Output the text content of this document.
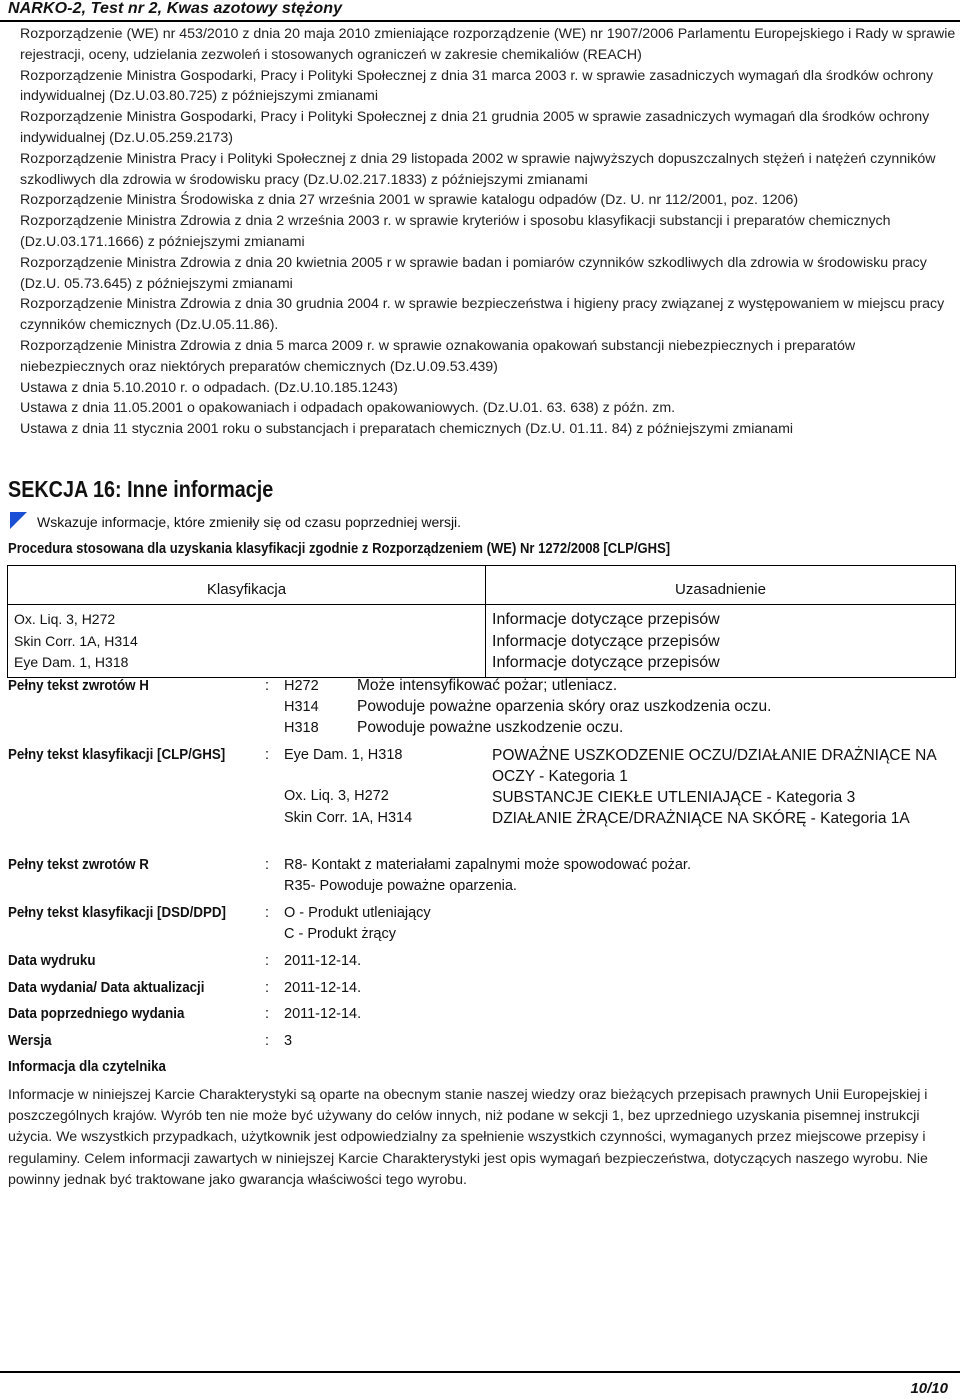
NARKO-2, Test nr 2, Kwas azotowy stężony

Rozporządzenie (WE) nr 453/2010 z dnia 20 maja 2010 zmieniające rozporządzenie (WE) nr 1907/2006 Parlamentu Europejskiego i Rady w sprawie rejestracji, oceny, udzielania zezwoleń i stosowanych ograniczeń w zakresie chemikaliów (REACH)

Rozporządzenie Ministra Gospodarki, Pracy i Polityki Społecznej z dnia 31 marca 2003 r. w sprawie zasadniczych wymagań dla środków ochrony indywidualnej (Dz.U.03.80.725) z późniejszymi zmianami

Rozporządzenie Ministra Gospodarki, Pracy i Polityki Społecznej z dnia 21 grudnia 2005 w sprawie zasadniczych wymagań dla środków ochrony indywidualnej (Dz.U.05.259.2173)

Rozporządzenie Ministra Pracy i Polityki Społecznej z dnia 29 listopada 2002 w sprawie najwyższych dopuszczalnych stężeń i natężeń czynników szkodliwych dla zdrowia w środowisku pracy (Dz.U.02.217.1833) z późniejszymi zmianami

Rozporządzenie Ministra Środowiska z dnia 27 września 2001 w sprawie katalogu odpadów (Dz. U. nr 112/2001, poz. 1206)

Rozporządzenie Ministra Zdrowia z dnia 2 września 2003 r. w sprawie kryteriów i sposobu klasyfikacji substancji i preparatów chemicznych (Dz.U.03.171.1666) z późniejszymi zmianami

Rozporządzenie Ministra Zdrowia z dnia 20 kwietnia 2005 r w sprawie badan i pomiarów czynników szkodliwych dla zdrowia w środowisku pracy (Dz.U. 05.73.645) z późniejszymi zmianami

Rozporządzenie Ministra Zdrowia z dnia 30 grudnia 2004 r. w sprawie bezpieczeństwa i higieny pracy związanej z występowaniem w miejscu pracy czynników chemicznych (Dz.U.05.11.86).

Rozporządzenie Ministra Zdrowia z dnia 5 marca 2009 r. w sprawie oznakowania opakowań substancji niebezpiecznych i preparatów niebezpiecznych oraz niektórych preparatów chemicznych (Dz.U.09.53.439)

Ustawa z dnia 5.10.2010 r. o odpadach. (Dz.U.10.185.1243)

Ustawa z dnia 11.05.2001 o opakowaniach i odpadach opakowaniowych. (Dz.U.01. 63. 638) z późn. zm.

Ustawa z dnia 11 stycznia 2001 roku o substancjach i preparatach chemicznych (Dz.U. 01.11. 84) z późniejszymi zmianami

SEKCJA 16: Inne informacje
Wskazuje informacje, które zmieniły się od czasu poprzedniej wersji.
Procedura stosowana dla uzyskania klasyfikacji zgodnie z Rozporządzeniem (WE) Nr 1272/2008 [CLP/GHS]
Klasyfikacja	Uzasadnienie

Ox. Liq. 3, H272
Skin Corr. 1A, H314
Eye Dam. 1, H318	Informacje dotyczące przepisów
Informacje dotyczące przepisów
Informacje dotyczące przepisów
Pełny tekst zwrotów H	: H272 Może intensyfikować pożar; utleniacz.
H314 Powoduje poważne oparzenia skóry oraz uszkodzenia oczu.
H318 Powoduje poważne uszkodzenie oczu.
Pełny tekst klasyfikacji [CLP/GHS]	: Eye Dam. 1, H318	POWAŻNE USZKODZENIE OCZU/DZIAŁANIE DRAŻNIĄCE NA OCZY - Kategoria 1
Ox. Liq. 3, H272	SUBSTANCJE CIEKŁE UTLENIAJĄCE - Kategoria 3
Skin Corr. 1A, H314	DZIAŁANIE ŻRĄCE/DRAŻNIĄCE NA SKÓRĘ - Kategoria 1A
Pełny tekst zwrotów R	: R8- Kontakt z materiałami zapalnymi może spowodować pożar.
R35- Powoduje poważne oparzenia.
Pełny tekst klasyfikacji [DSD/DPD]	: O - Produkt utleniający
C - Produkt żrący
Data wydruku	: 2011-12-14.
Data wydania/ Data aktualizacji	: 2011-12-14.
Data poprzedniego wydania	: 2011-12-14.
Wersja	: 3
Informacja dla czytelnika
Informacje w niniejszej Karcie Charakterystyki są oparte na obecnym stanie naszej wiedzy oraz bieżących przepisach prawnych Unii Europejskiej i poszczególnych krajów. Wyrób ten nie może być używany do celów innych, niż podane w sekcji 1, bez uprzedniego uzyskania pisemnej instrukcji użycia. We wszystkich przypadkach, użytkownik jest odpowiedzialny za spełnienie wszystkich czynności, wymaganych przez miejscowe przepisy i regulaminy. Celem informacji zawartych w niniejszej Karcie Charakterystyki jest opis wymagań bezpieczeństwa, dotyczących naszego wyrobu. Nie powinny jednak być traktowane jako gwarancja właściwości tego wyrobu.
10/10
